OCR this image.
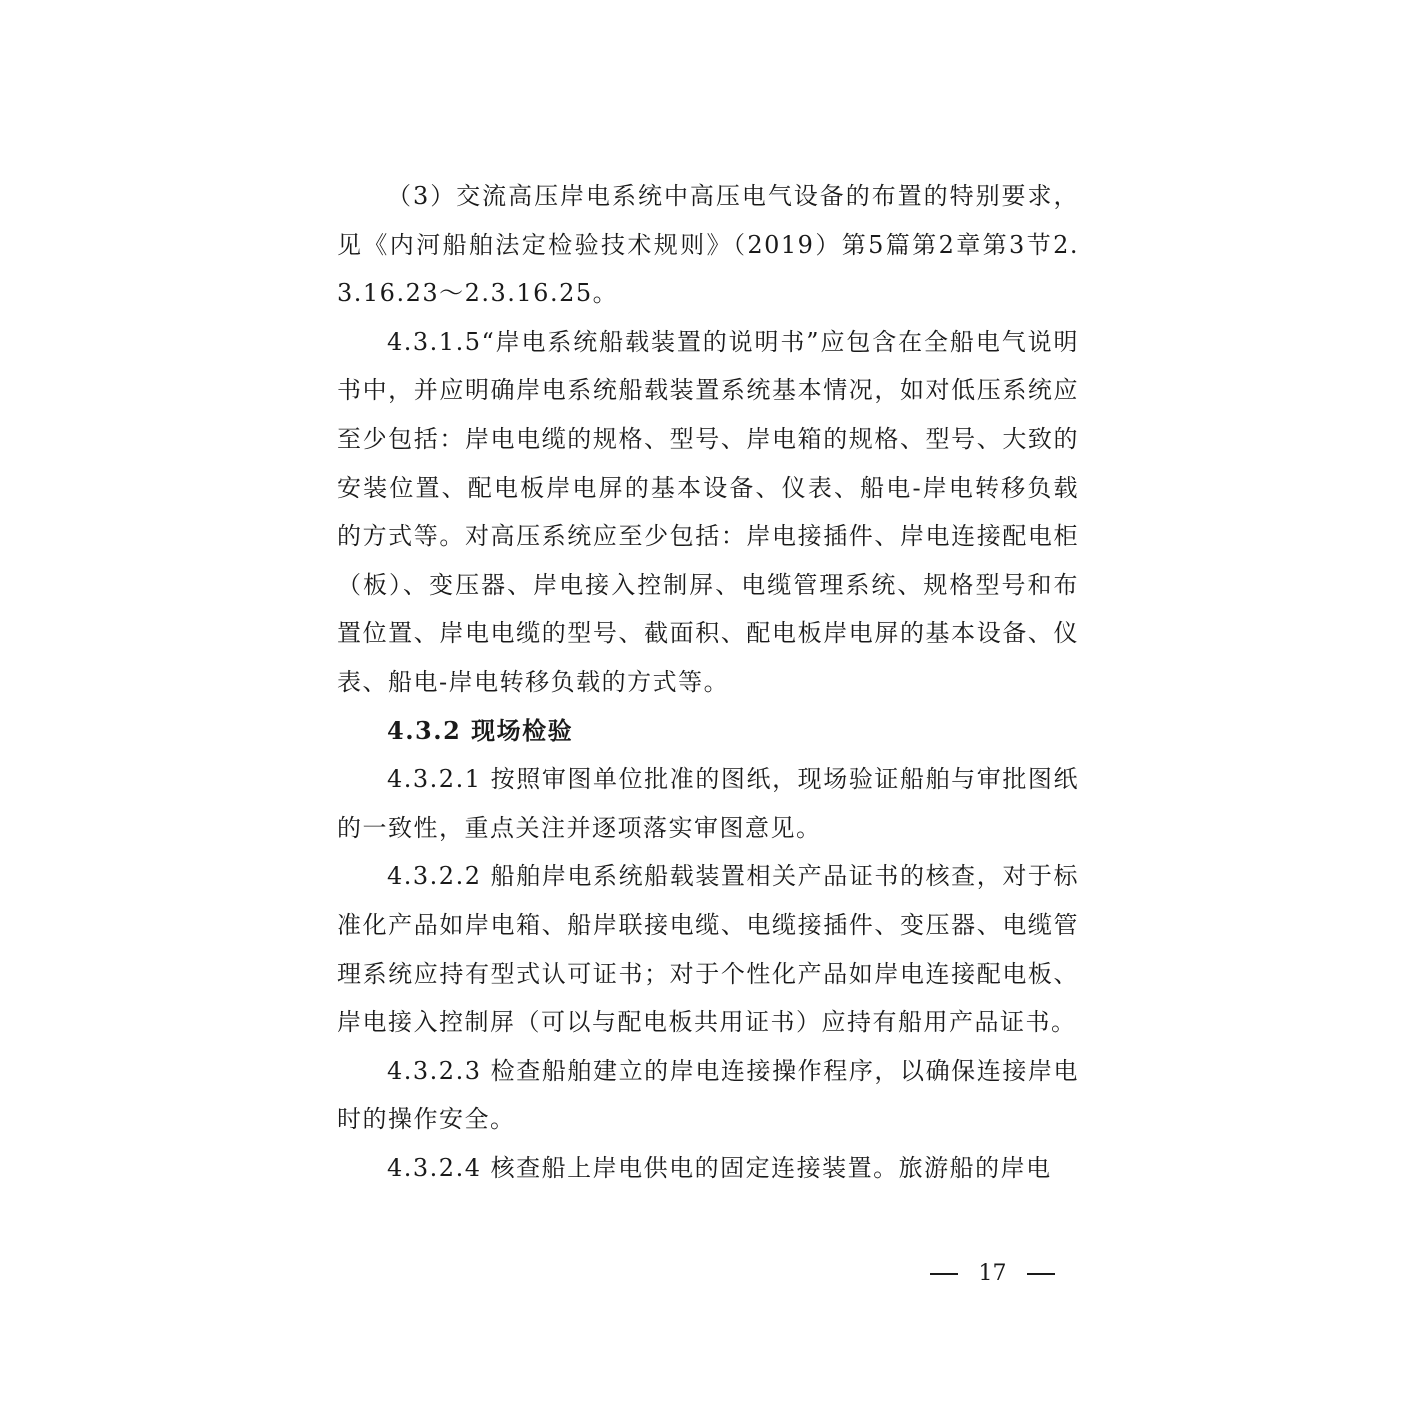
（3）交流高压岸电系统中高压电气设备的布置的特别要求，见《内河船舶法定检验技术规则》（2019）第5篇第2章第3节2.3.16.23～2.3.16.25。

4.3.1.5“岸电系统船载装置的说明书”应包含在全船电气说明书中，并应明确岸电系统船载装置系统基本情况，如对低压系统应至少包括：岸电电缆的规格、型号、岸电箱的规格、型号、大致的安装位置、配电板岸电屏的基本设备、仪表、船电-岸电转移负载的方式等。对高压系统应至少包括：岸电接插件、岸电连接配电柜（板）、变压器、岸电接入控制屏、电缆管理系统、规格型号和布置位置、岸电电缆的型号、截面积、配电板岸电屏的基本设备、仪表、船电-岸电转移负载的方式等。

4.3.2 现场检验

4.3.2.1 按照审图单位批准的图纸，现场验证船舶与审批图纸的一致性，重点关注并逐项落实审图意见。

4.3.2.2 船舶岸电系统船载装置相关产品证书的核查，对于标准化产品如岸电箱、船岸联接电缆、电缆接插件、变压器、电缆管理系统应持有型式认可证书；对于个性化产品如岸电连接配电板、岸电接入控制屏（可以与配电板共用证书）应持有船用产品证书。

4.3.2.3 检查船舶建立的岸电连接操作程序，以确保连接岸电时的操作安全。

4.3.2.4 核查船上岸电供电的固定连接装置。旅游船的岸电

17
